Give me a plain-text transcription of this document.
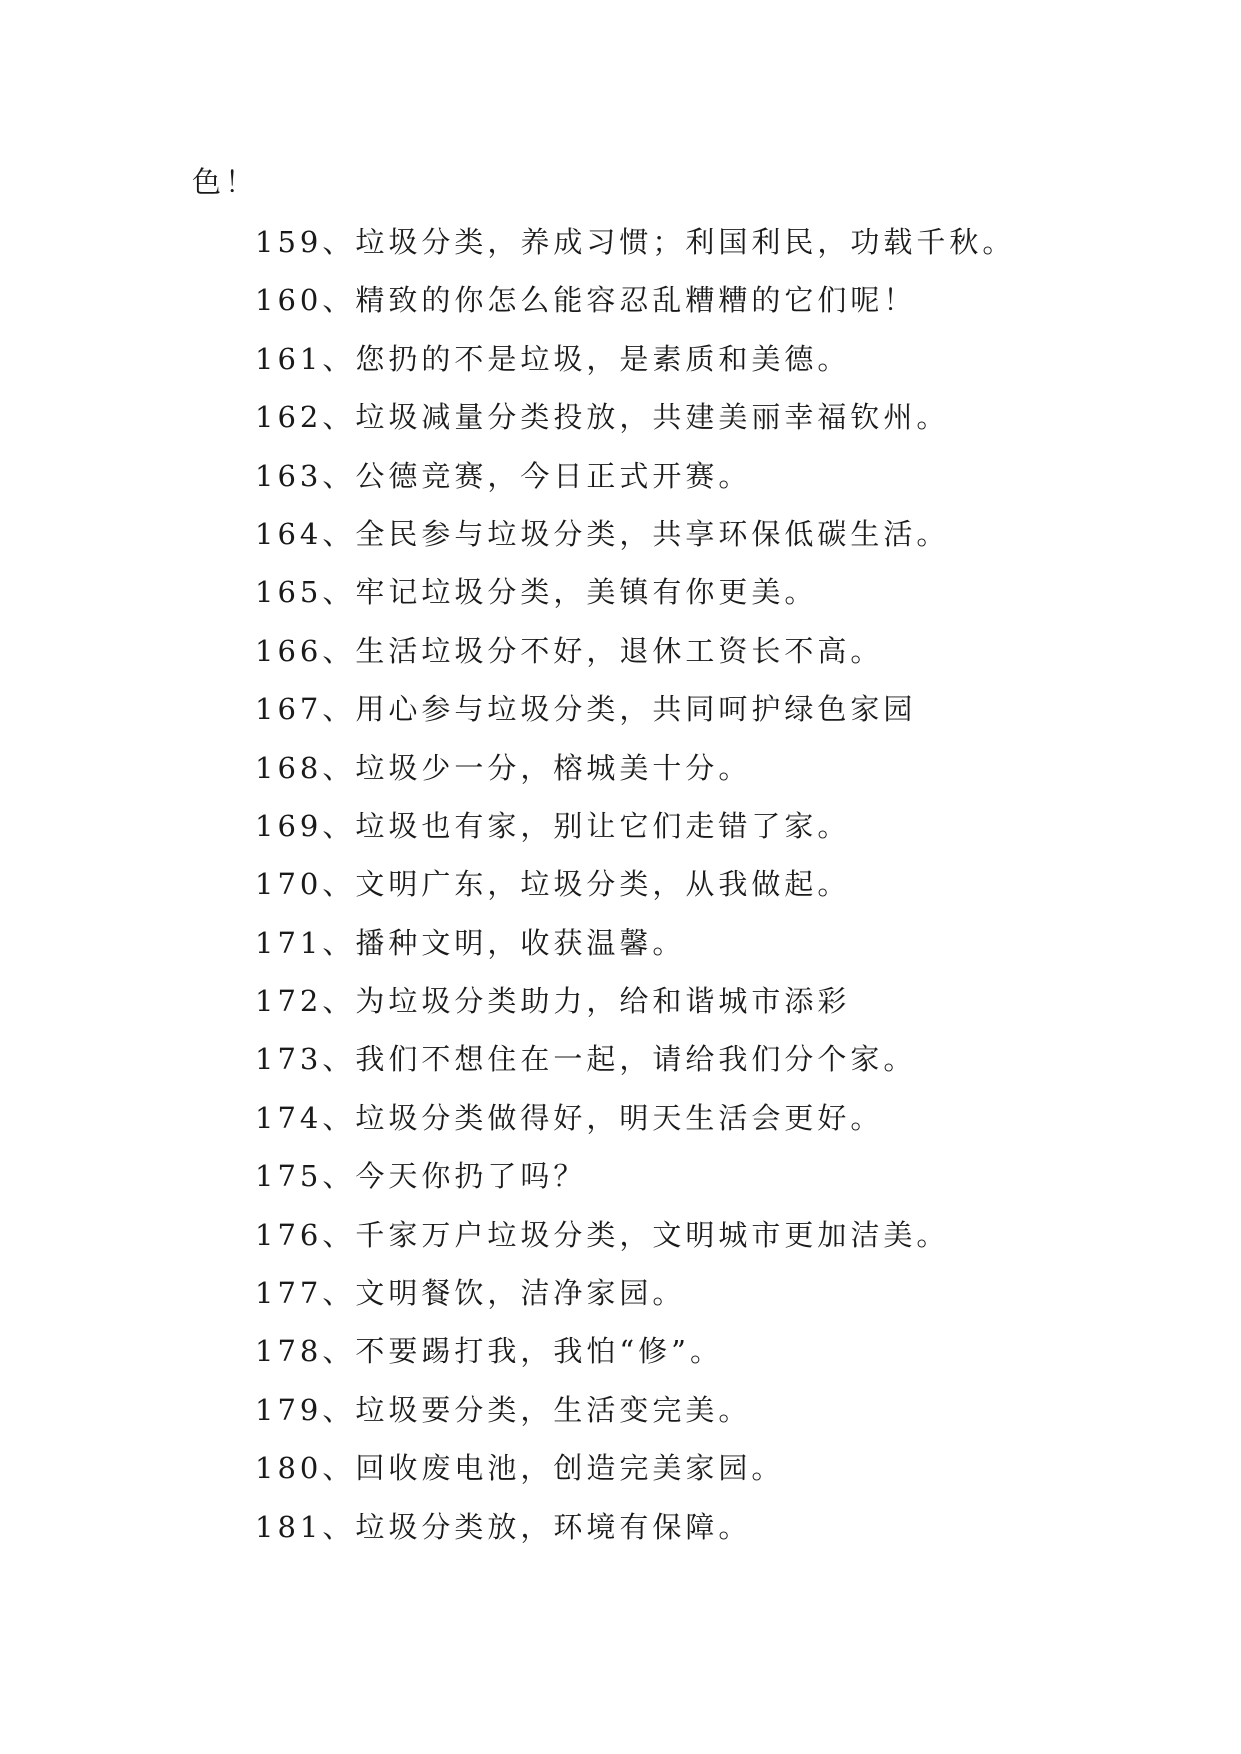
色！
159、垃圾分类，养成习惯；利国利民，功载千秋。
160、精致的你怎么能容忍乱糟糟的它们呢！
161、您扔的不是垃圾，是素质和美德。
162、垃圾减量分类投放，共建美丽幸福钦州。
163、公德竞赛，今日正式开赛。
164、全民参与垃圾分类，共享环保低碳生活。
165、牢记垃圾分类，美镇有你更美。
166、生活垃圾分不好，退休工资长不高。
167、用心参与垃圾分类，共同呵护绿色家园
168、垃圾少一分，榕城美十分。
169、垃圾也有家，别让它们走错了家。
170、文明广东，垃圾分类，从我做起。
171、播种文明，收获温馨。
172、为垃圾分类助力，给和谐城市添彩
173、我们不想住在一起，请给我们分个家。
174、垃圾分类做得好，明天生活会更好。
175、今天你扔了吗？
176、千家万户垃圾分类，文明城市更加洁美。
177、文明餐饮，洁净家园。
178、不要踢打我，我怕“修”。
179、垃圾要分类，生活变完美。
180、回收废电池，创造完美家园。
181、垃圾分类放，环境有保障。
